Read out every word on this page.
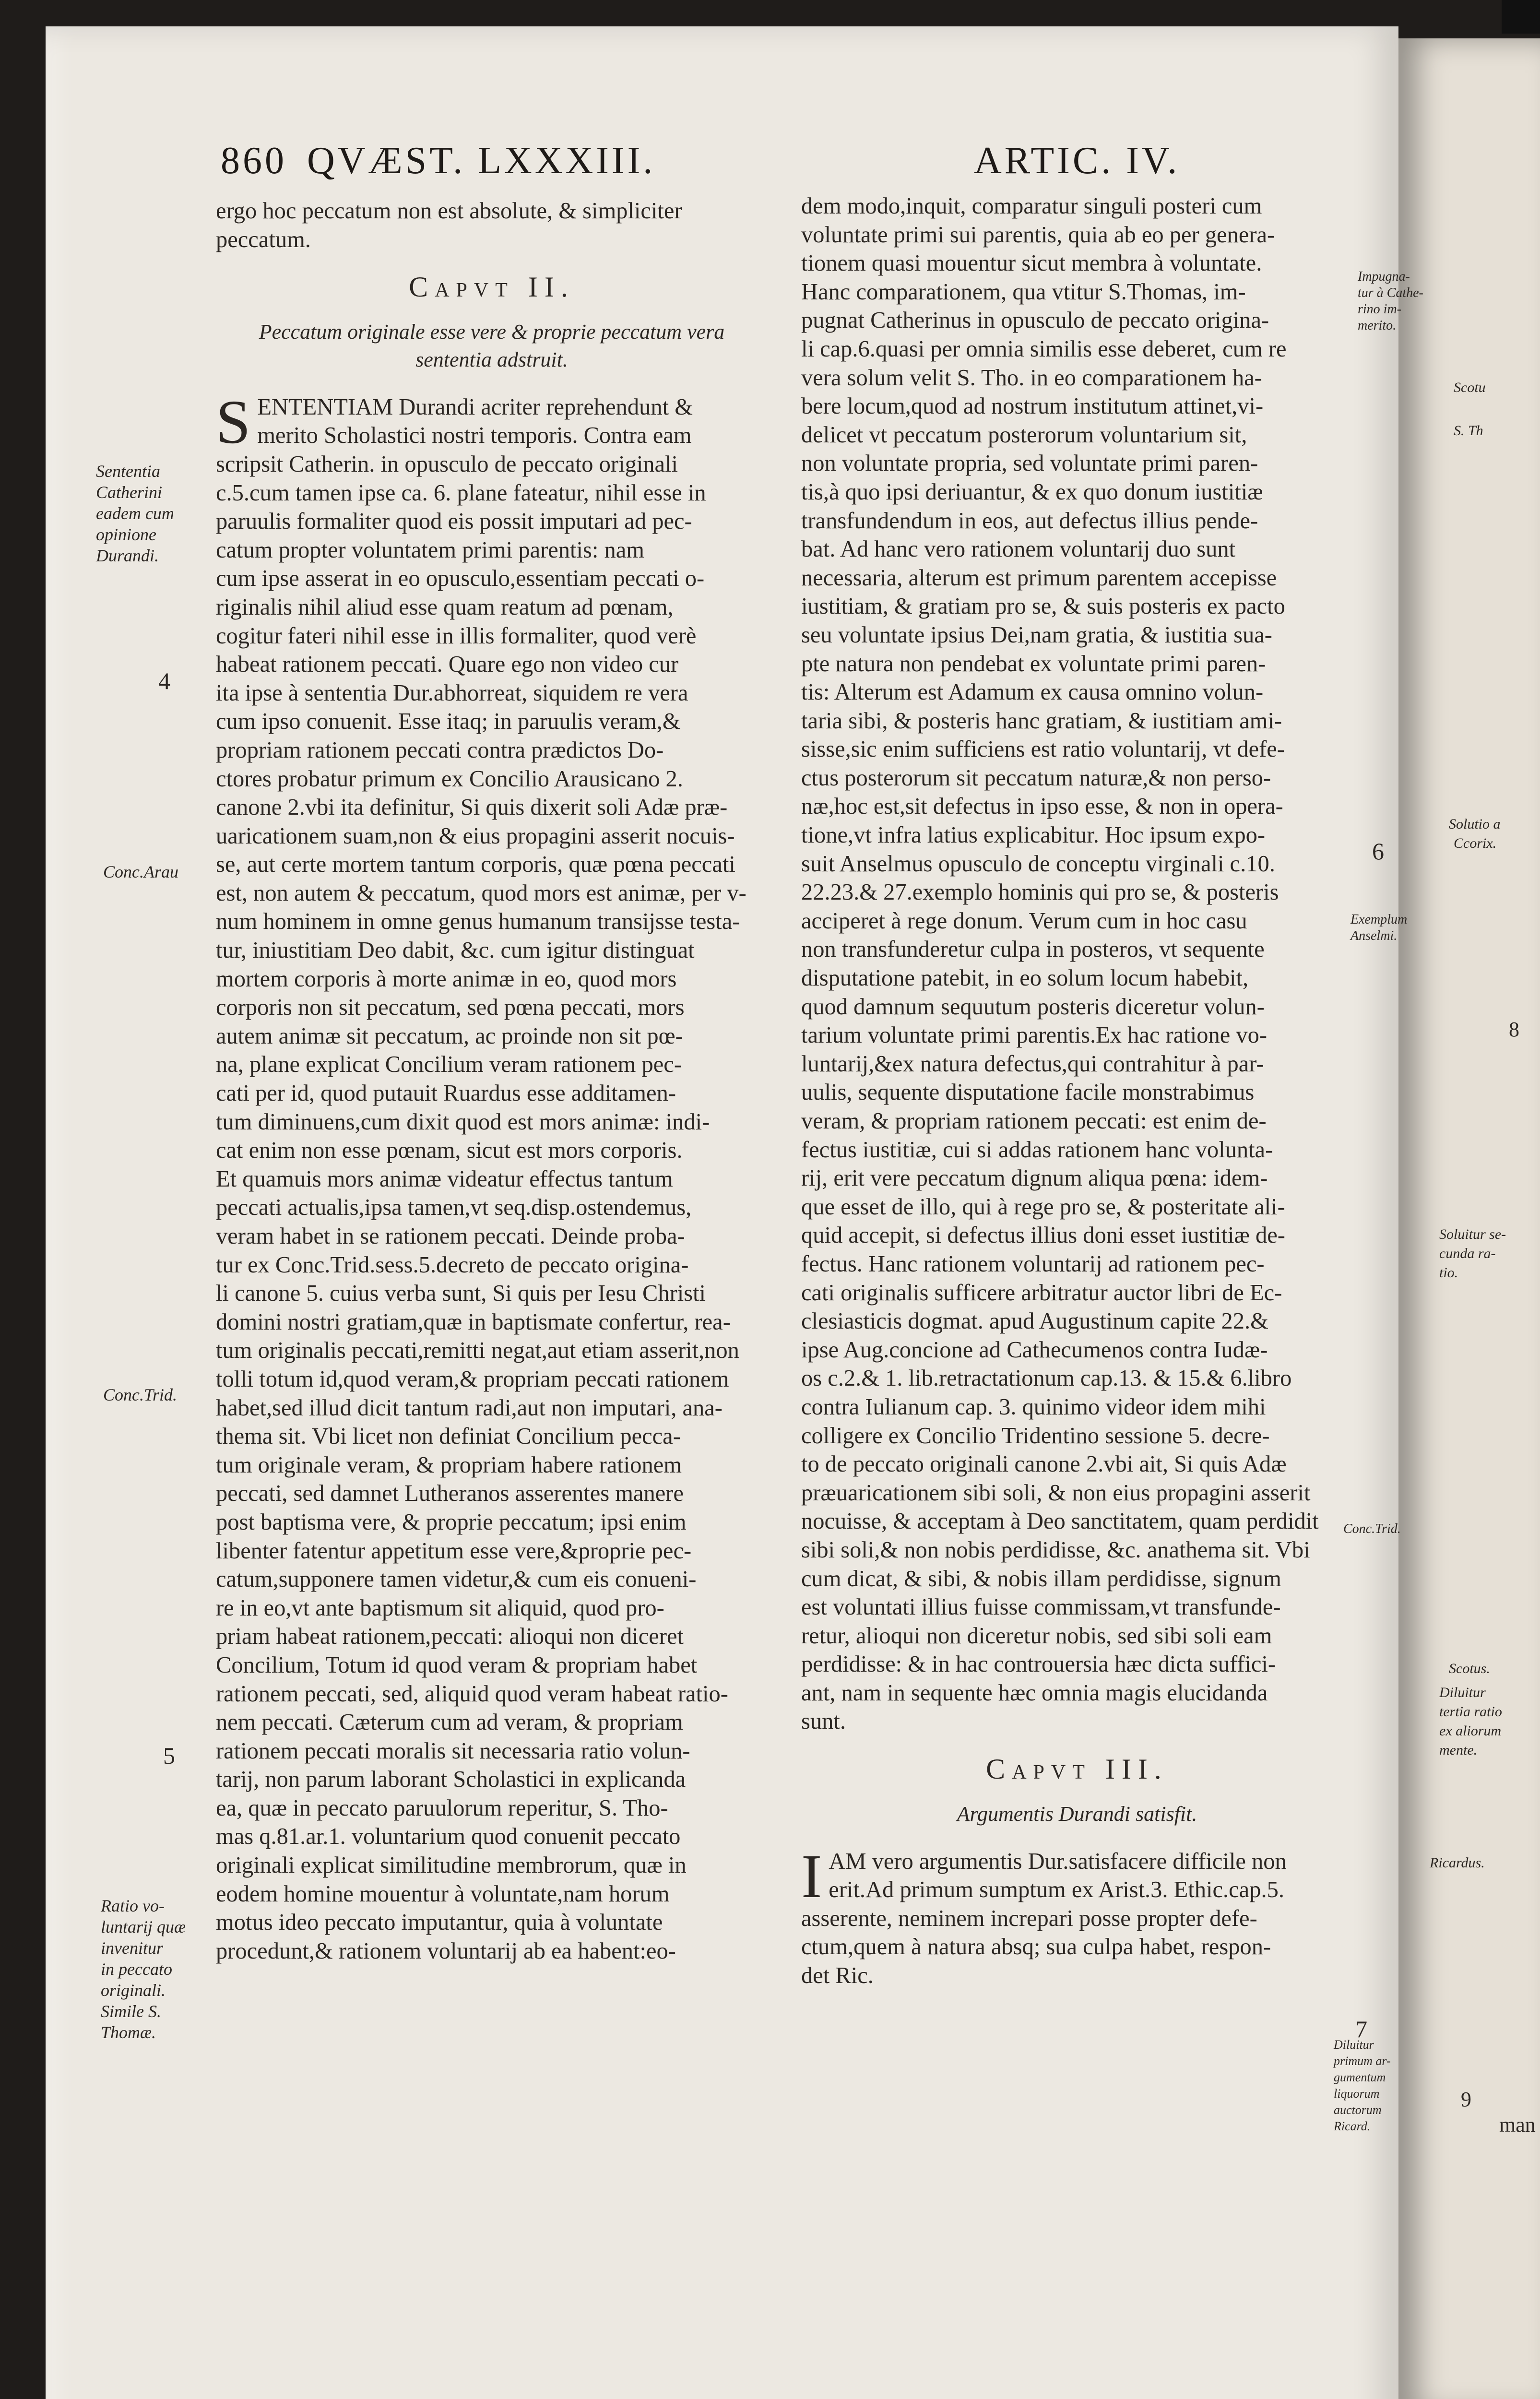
Scotu
S. Th
Solutio a
Ccorix.
8
Soluitur se-
cunda ra-
tio.
Scotus.
Diluitur
tertia ratio
ex aliorum
mente.
Ricardus.
9
man
860 QVÆST. LXXXIII.	ARTIC. IV.

ergo hoc peccatum non est absolute, & simpliciter

peccatum.

Capvt II.
Peccatum originale esse vere & proprie peccatum vera
sententia adstruit.
S ENTENTIAM Durandi acriter reprehendunt &
merito Scholastici nostri temporis. Contra eam
scripsit Catherin. in opusculo de peccato originali
c.5.cum tamen ipse ca. 6. plane fateatur, nihil esse in
paruulis formaliter quod eis possit imputari ad pec-
catum propter voluntatem primi parentis: nam
cum ipse asserat in eo opusculo,essentiam peccati o-
riginalis nihil aliud esse quam reatum ad pœnam,
cogitur fateri nihil esse in illis formaliter, quod verè
habeat rationem peccati. Quare ego non video cur
ita ipse à sententia Dur.abhorreat, siquidem re vera
cum ipso conuenit. Esse itaq; in paruulis veram,&
propriam rationem peccati contra prædictos Do-
ctores probatur primum ex Concilio Arausicano 2.
canone 2.vbi ita definitur, Si quis dixerit soli Adæ præ-
uaricationem suam,non & eius propagini asserit nocuis-
se, aut certe mortem tantum corporis, quæ pœna peccati
est, non autem & peccatum, quod mors est animæ, per v-
num hominem in omne genus humanum transijsse testa-
tur, iniustitiam Deo dabit, &c. cum igitur distinguat
mortem corporis à morte animæ in eo, quod mors
corporis non sit peccatum, sed pœna peccati, mors
autem animæ sit peccatum, ac proinde non sit pœ-
na, plane explicat Concilium veram rationem pec-
cati per id, quod putauit Ruardus esse additamen-
tum diminuens,cum dixit quod est mors animæ: indi-
cat enim non esse pœnam, sicut est mors corporis.
Et quamuis mors animæ videatur effectus tantum
peccati actualis,ipsa tamen,vt seq.disp.ostendemus,
veram habet in se rationem peccati. Deinde proba-
tur ex Conc.Trid.sess.5.decreto de peccato origina-
li canone 5. cuius verba sunt, Si quis per Iesu Christi
domini nostri gratiam,quæ in baptismate confertur, rea-
tum originalis peccati,remitti negat,aut etiam asserit,non
tolli totum id,quod veram,& propriam peccati rationem
habet,sed illud dicit tantum radi,aut non imputari, ana-
thema sit. Vbi licet non definiat Concilium pecca-
tum originale veram, & propriam habere rationem
peccati, sed damnet Lutheranos asserentes manere
post baptisma vere, & proprie peccatum; ipsi enim
libenter fatentur appetitum esse vere,&proprie pec-
catum,supponere tamen videtur,& cum eis conueni-
re in eo,vt ante baptismum sit aliquid, quod pro-
priam habeat rationem,peccati: alioqui non diceret
Concilium, Totum id quod veram & propriam habet
rationem peccati, sed, aliquid quod veram habeat ratio-
nem peccati. Cæterum cum ad veram, & propriam
rationem peccati moralis sit necessaria ratio volun-
tarij, non parum laborant Scholastici in explicanda
ea, quæ in peccato paruulorum reperitur, S. Tho-
mas q.81.ar.1. voluntarium quod conuenit peccato
originali explicat similitudine membrorum, quæ in
eodem homine mouentur à voluntate,nam horum
motus ideo peccato imputantur, quia à voluntate
procedunt,& rationem voluntarij ab ea habent:eo-
dem modo,inquit, comparatur singuli posteri cum
voluntate primi sui parentis, quia ab eo per genera-
tionem quasi mouentur sicut membra à voluntate.
Hanc comparationem, qua vtitur S.Thomas, im-
pugnat Catherinus in opusculo de peccato origina-
li cap.6.quasi per omnia similis esse deberet, cum re
vera solum velit S. Tho. in eo comparationem ha-
bere locum,quod ad nostrum institutum attinet,vi-
delicet vt peccatum posterorum voluntarium sit,
non voluntate propria, sed voluntate primi paren-
tis,à quo ipsi deriuantur, & ex quo donum iustitiæ
transfundendum in eos, aut defectus illius pende-
bat. Ad hanc vero rationem voluntarij duo sunt
necessaria, alterum est primum parentem accepisse
iustitiam, & gratiam pro se, & suis posteris ex pacto
seu voluntate ipsius Dei,nam gratia, & iustitia sua-
pte natura non pendebat ex voluntate primi paren-
tis: Alterum est Adamum ex causa omnino volun-
taria sibi, & posteris hanc gratiam, & iustitiam ami-
sisse,sic enim sufficiens est ratio voluntarij, vt defe-
ctus posterorum sit peccatum naturæ,& non perso-
næ,hoc est,sit defectus in ipso esse, & non in opera-
tione,vt infra latius explicabitur. Hoc ipsum expo-
suit Anselmus opusculo de conceptu virginali c.10.
22.23.& 27.exemplo hominis qui pro se, & posteris
acciperet à rege donum. Verum cum in hoc casu
non transfunderetur culpa in posteros, vt sequente
disputatione patebit, in eo solum locum habebit,
quod damnum sequutum posteris diceretur volun-
tarium voluntate primi parentis.Ex hac ratione vo-
luntarij,&ex natura defectus,qui contrahitur à par-
uulis, sequente disputatione facile monstrabimus
veram, & propriam rationem peccati: est enim de-
fectus iustitiæ, cui si addas rationem hanc volunta-
rij, erit vere peccatum dignum aliqua pœna: idem-
que esset de illo, qui à rege pro se, & posteritate ali-
quid accepit, si defectus illius doni esset iustitiæ de-
fectus. Hanc rationem voluntarij ad rationem pec-
cati originalis sufficere arbitratur auctor libri de Ec-
clesiasticis dogmat. apud Augustinum capite 22.&
ipse Aug.concione ad Cathecumenos contra Iudæ-
os c.2.& 1. lib.retractationum cap.13. & 15.& 6.libro
contra Iulianum cap. 3. quinimo videor idem mihi
colligere ex Concilio Tridentino sessione 5. decre-
to de peccato originali canone 2.vbi ait, Si quis Adæ
præuaricationem sibi soli, & non eius propagini asserit
nocuisse, & acceptam à Deo sanctitatem, quam perdidit
sibi soli,& non nobis perdidisse, &c. anathema sit. Vbi
cum dicat, & sibi, & nobis illam perdidisse, signum
est voluntati illius fuisse commissam,vt transfunde-
retur, alioqui non diceretur nobis, sed sibi soli eam
perdidisse: & in hac controuersia hæc dicta suffici-
ant, nam in sequente hæc omnia magis elucidanda
sunt.
Capvt III.
Argumentis Durandi satisfit.
I AM vero argumentis Dur.satisfacere difficile non
erit.Ad primum sumptum ex Arist.3. Ethic.cap.5.
asserente, neminem increpari posse propter defe-
ctum,quem à natura absq; sua culpa habet, respon-
det Ric.
Sententia
Catherini
eadem cum
opinione
Durandi.
4
Conc.Arau
Conc.Trid.
5
Ratio vo-
luntarij quæ
invenitur
in peccato
originali.
Simile S.
Thomæ.
Impugna-
tur à Cathe-
rino im-
merito.
6
Exemplum
Anselmi.
Conc.Trid.
7
Diluitur
primum ar-
gumentum
liquorum
auctorum
Ricard.
